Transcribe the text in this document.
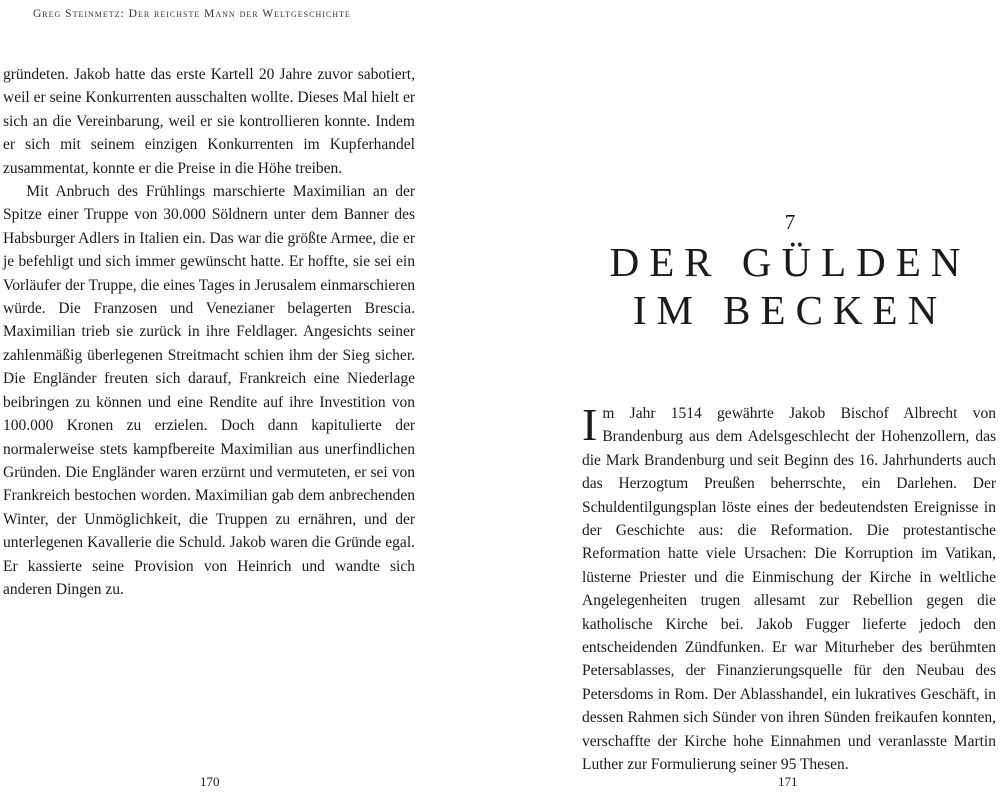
Greg Steinmetz: Der reichste Mann der Weltgeschichte

gründeten. Jakob hatte das erste Kartell 20 Jahre zuvor sabotiert, weil er seine Konkurrenten ausschalten wollte. Dieses Mal hielt er sich an die Vereinbarung, weil er sie kontrollieren konnte. Indem er sich mit seinem einzigen Konkurrenten im Kupferhandel zusammentat, konnte er die Preise in die Höhe treiben.

Mit Anbruch des Frühlings marschierte Maximilian an der Spitze einer Truppe von 30.000 Söldnern unter dem Banner des Habsburger Adlers in Italien ein. Das war die größte Armee, die er je befehligt und sich immer gewünscht hatte. Er hoffte, sie sei ein Vorläufer der Truppe, die eines Tages in Jerusalem einmarschieren würde. Die Franzosen und Venezianer belagerten Brescia. Maximilian trieb sie zurück in ihre Feldlager. Angesichts seiner zahlenmäßig überlegenen Streitmacht schien ihm der Sieg sicher. Die Engländer freuten sich darauf, Frankreich eine Niederlage beibringen zu können und eine Rendite auf ihre Investition von 100.000 Kronen zu erzielen. Doch dann kapitulierte der normalerweise stets kampfbereite Maximilian aus unerfindlichen Gründen. Die Engländer waren erzürnt und vermuteten, er sei von Frankreich bestochen worden. Maximilian gab dem anbrechenden Winter, der Unmöglichkeit, die Truppen zu ernähren, und der unterlegenen Kavallerie die Schuld. Jakob waren die Gründe egal. Er kassierte seine Provision von Heinrich und wandte sich anderen Dingen zu.

170
7
DER GÜLDEN
IM BECKEN

Im Jahr 1514 gewährte Jakob Bischof Albrecht von Brandenburg aus dem Adelsgeschlecht der Hohenzollern, das die Mark Brandenburg und seit Beginn des 16. Jahrhunderts auch das Herzogtum Preußen beherrschte, ein Darlehen. Der Schuldentilgungsplan löste eines der bedeutendsten Ereignisse in der Geschichte aus: die Reformation. Die protestantische Reformation hatte viele Ursachen: Die Korruption im Vatikan, lüsterne Priester und die Einmischung der Kirche in weltliche Angelegenheiten trugen allesamt zur Rebellion gegen die katholische Kirche bei. Jakob Fugger lieferte jedoch den entscheidenden Zündfunken. Er war Miturheber des berühmten Petersablasses, der Finanzierungsquelle für den Neubau des Petersdoms in Rom. Der Ablasshandel, ein lukratives Geschäft, in dessen Rahmen sich Sünder von ihren Sünden freikaufen konnten, verschaffte der Kirche hohe Einnahmen und veranlasste Martin Luther zur Formulierung seiner 95 Thesen.

171
